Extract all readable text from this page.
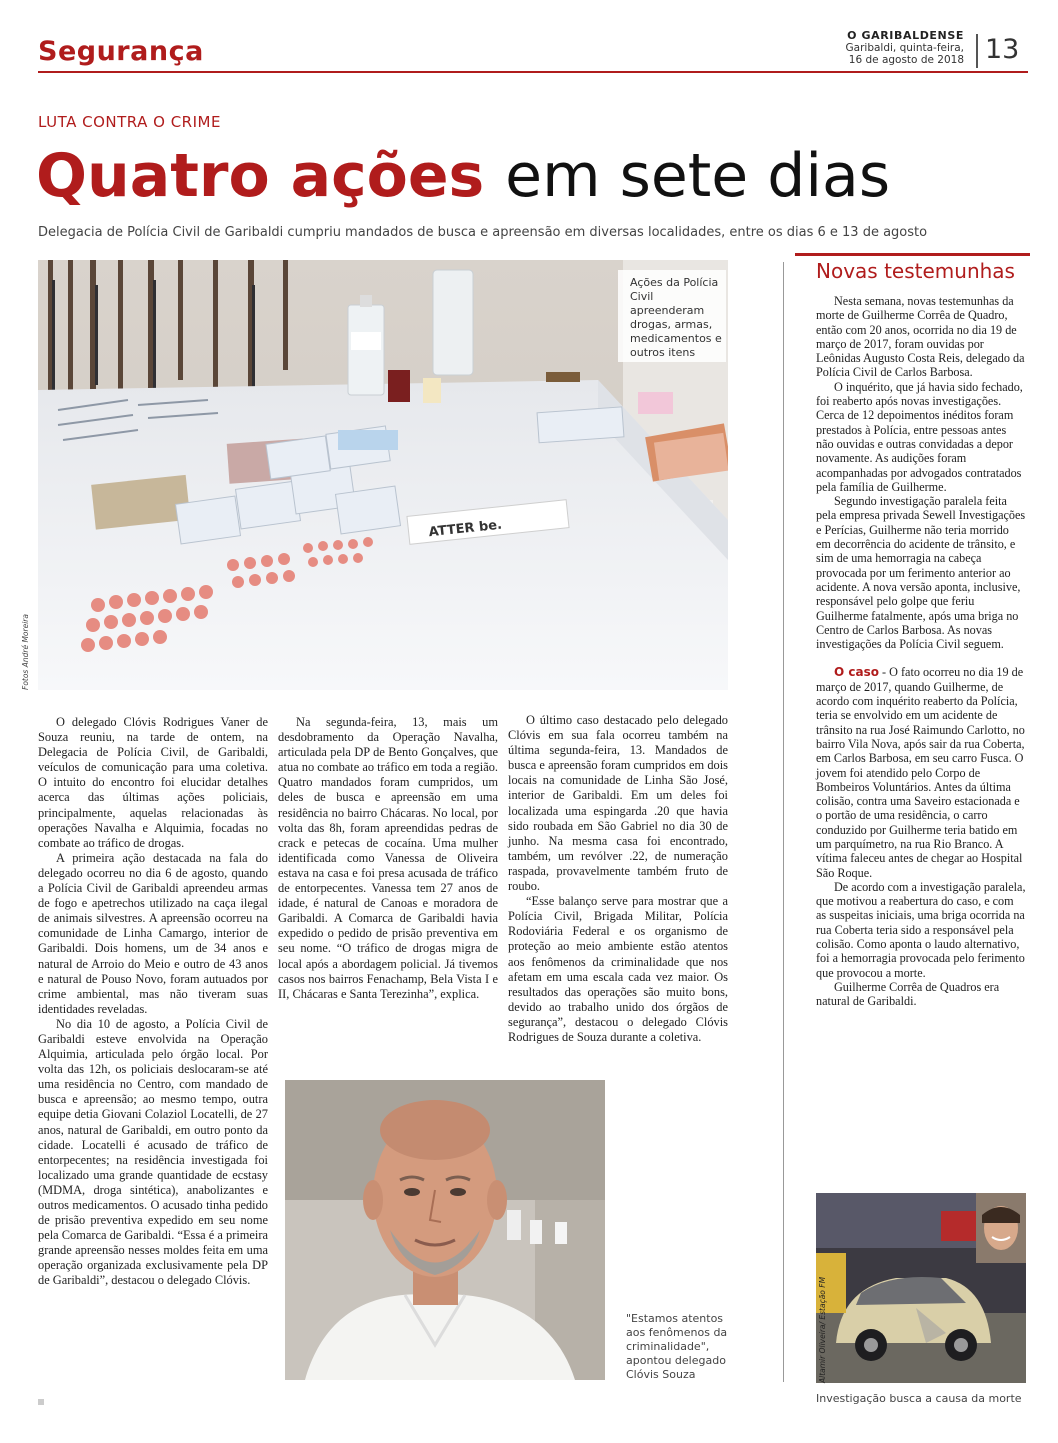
Segurança
O GARIBALDENSE
Garibaldi, quinta-feira,
16 de agosto de 2018 13
LUTA CONTRA O CRIME
Quatro ações em sete dias
Delegacia de Polícia Civil de Garibaldi cumpriu mandados de busca e apreensão em diversas localidades, entre os dias 6 e 13 de agosto
ATTER be.
Ações da Polícia Civil apreenderam drogas, armas, medicamentos e outros itens
Fotos André Moreira

O delegado Clóvis Rodrigues Vaner de Souza reuniu, na tarde de ontem, na Delegacia de Polícia Civil, de Garibaldi, veículos de comunicação para uma coletiva. O intuito do encontro foi elucidar detalhes acerca das últimas ações policiais, principalmente, aquelas relacionadas às operações Navalha e Alquimia, focadas no combate ao tráfico de drogas.

A primeira ação destacada na fala do delegado ocorreu no dia 6 de agosto, quando a Polícia Civil de Garibaldi apreendeu armas de fogo e apetrechos utilizado na caça ilegal de animais silvestres. A apreensão ocorreu na comunidade de Linha Camargo, interior de Garibaldi. Dois homens, um de 34 anos e natural de Arroio do Meio e outro de 43 anos e natural de Pouso Novo, foram autuados por crime ambiental, mas não tiveram suas identidades reveladas.

No dia 10 de agosto, a Polícia Civil de Garibaldi esteve envolvida na Operação Alquimia, articulada pelo órgão local. Por volta das 12h, os policiais deslocaram-se até uma residência no Centro, com mandado de busca e apreensão; ao mesmo tempo, outra equipe detia Giovani Colaziol Locatelli, de 27 anos, natural de Garibaldi, em outro ponto da cidade. Locatelli é acusado de tráfico de entorpecentes; na residência investigada foi localizado uma grande quantidade de ecstasy (MDMA, droga sintética), anabolizantes e outros medicamentos. O acusado tinha pedido de prisão preventiva expedido em seu nome pela Comarca de Garibaldi. “Essa é a primeira grande apreensão nesses moldes feita em uma operação organizada exclusivamente pela DP de Garibaldi”, destacou o delegado Clóvis.

Na segunda-feira, 13, mais um desdobramento da Operação Navalha, articulada pela DP de Bento Gonçalves, que atua no combate ao tráfico em toda a região. Quatro mandados foram cumpridos, um deles de busca e apreensão em uma residência no bairro Chácaras. No local, por volta das 8h, foram apreendidas pedras de crack e petecas de cocaína. Uma mulher identificada como Vanessa de Oliveira estava na casa e foi presa acusada de tráfico de entorpecentes. Vanessa tem 27 anos de idade, é natural de Canoas e moradora de Garibaldi. A Comarca de Garibaldi havia expedido o pedido de prisão preventiva em seu nome. “O tráfico de drogas migra de local após a abordagem policial. Já tivemos casos nos bairros Fenachamp, Bela Vista I e II, Chácaras e Santa Terezinha”, explica.

O último caso destacado pelo delegado Clóvis em sua fala ocorreu também na última segunda-feira, 13. Mandados de busca e apreensão foram cumpridos em dois locais na comunidade de Linha São José, interior de Garibaldi. Em um deles foi localizada uma espingarda .20 que havia sido roubada em São Gabriel no dia 30 de junho. Na mesma casa foi encontrado, também, um revólver .22, de numeração raspada, provavelmente também fruto de roubo.

“Esse balanço serve para mostrar que a Polícia Civil, Brigada Militar, Polícia Rodoviária Federal e os organismo de proteção ao meio ambiente estão atentos aos fenômenos da criminalidade que nos afetam em uma escala cada vez maior. Os resultados das operações são muito bons, devido ao trabalho unido dos órgãos de segurança”, destacou o delegado Clóvis Rodrigues de Souza durante a coletiva.

"Estamos atentos aos fenômenos da criminalidade", apontou delegado Clóvis Souza
Novas testemunhas

Nesta semana, novas testemunhas da morte de Guilherme Corrêa de Quadro, então com 20 anos, ocorrida no dia 19 de março de 2017, foram ouvidas por Leônidas Augusto Costa Reis, delegado da Polícia Civil de Carlos Barbosa.

O inquérito, que já havia sido fechado, foi reaberto após novas investigações. Cerca de 12 depoimentos inéditos foram prestados à Polícia, entre pessoas antes não ouvidas e outras convidadas a depor novamente. As audições foram acompanhadas por advogados contratados pela família de Guilherme.

Segundo investigação paralela feita pela empresa privada Sewell Investigações e Perícias, Guilherme não teria morrido em decorrência do acidente de trânsito, e sim de uma hemorragia na cabeça provocada por um ferimento anterior ao acidente. A nova versão aponta, inclusive, responsável pelo golpe que feriu Guilherme fatalmente, após uma briga no Centro de Carlos Barbosa. As novas investigações da Polícia Civil seguem.

O caso - O fato ocorreu no dia 19 de março de 2017, quando Guilherme, de acordo com inquérito reaberto da Polícia, teria se envolvido em um acidente de trânsito na rua José Raimundo Carlotto, no bairro Vila Nova, após sair da rua Coberta, em Carlos Barbosa, em seu carro Fusca. O jovem foi atendido pelo Corpo de Bombeiros Voluntários. Antes da última colisão, contra uma Saveiro estacionada e o portão de uma residência, o carro conduzido por Guilherme teria batido em um parquímetro, na rua Rio Branco. A vítima faleceu antes de chegar ao Hospital São Roque.

De acordo com a investigação paralela, que motivou a reabertura do caso, e com as suspeitas iniciais, uma briga ocorrida na rua Coberta teria sido a responsável pela colisão. Como aponta o laudo alternativo, foi a hemorragia provocada pelo ferimento que provocou a morte.

Guilherme Corrêa de Quadros era natural de Garibaldi.

Altamir Oliveira/ Estação FM
Investigação busca a causa da morte
